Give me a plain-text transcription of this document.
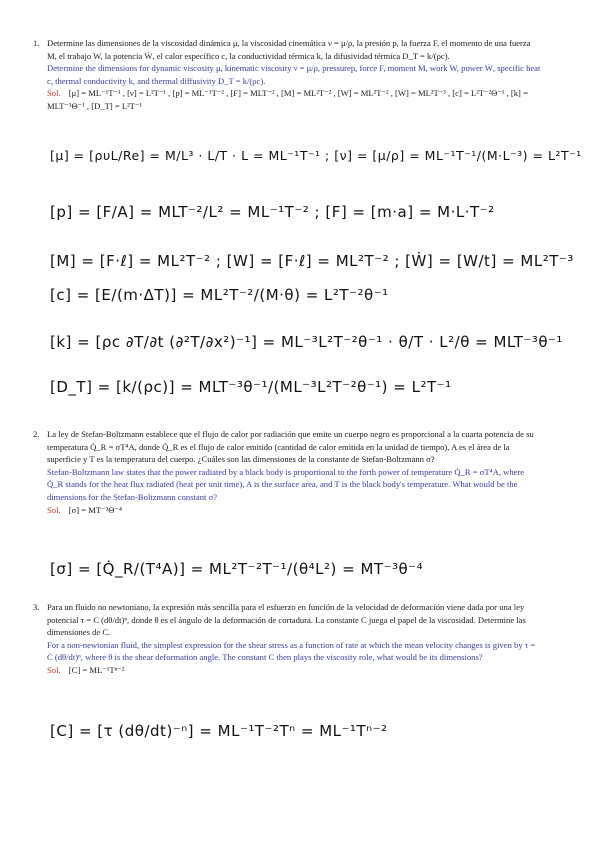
1. Determine las dimensiones de la viscosidad dinámica μ, la viscosidad cinemática ν = μ/ρ, la presión p, la fuerza F, el momento de una fuerza M, el trabajo W, la potencia Ẇ, el calor específico c, la conductividad térmica k, la difusividad térmica D_T = k/(ρc).
Determine the dimensions for dynamic viscosity μ, kinematic viscosity ν = μ/ρ, pressurep, force F, moment M, work W, power Ẇ, specific heat c, thermal conductivity k, and thermal diffusivity D_T = k/(ρc).
Sol. [μ] = ML⁻¹T⁻¹ , [ν] = L²T⁻¹ , [p] = ML⁻¹T⁻² , [F] = MLT⁻² , [M] = ML²T⁻² , [W] = ML²T⁻² , [Ẇ] = ML²T⁻³ , [c] = L²T⁻²Θ⁻¹ , [k] = MLT⁻³Θ⁻¹ , [D_T] = L²T⁻¹
[μ] = [ρυL/Re] = M/L³ · L/T · L = ML⁻¹T⁻¹ ; [ν] = [μ/ρ] = ML⁻¹T⁻¹/(M·L⁻³) = L²T⁻¹
[p] = [F/A] = MLT⁻²/L² = ML⁻¹T⁻² ; [F] = [m·a] = M·L·T⁻²
[M] = [F·ℓ] = ML²T⁻² ; [W] = [F·ℓ] = ML²T⁻² ; [Ẇ] = [W/t] = ML²T⁻³
[c] = [E/(m·ΔT)] = ML²T⁻²/(M·θ) = L²T⁻²θ⁻¹
[k] = [ρc ∂T/∂t (∂²T/∂x²)⁻¹] = ML⁻³L²T⁻²θ⁻¹ · θ/T · L²/θ = MLT⁻³θ⁻¹
[D_T] = [k/(ρc)] = MLT⁻³θ⁻¹/(ML⁻³L²T⁻²θ⁻¹) = L²T⁻¹
2. La ley de Stefan-Boltzmann establece que el flujo de calor por radiación que emite un cuerpo negro es proporcional a la cuarta potencia de su temperatura Q̇_R = σT⁴A, donde Q̇_R es el flujo de calor emitido (cantidad de calor emitida en la unidad de tiempo), A es el área de la superficie y T es la temperatura del cuerpo. ¿Cuáles son las dimensiones de la constante de Stefan-Boltzmann σ?
Stefan-Boltzmann law states that the power radiated by a black body is proportional to the forth power of temperature Q̇_R = σT⁴A, where Q̇_R stands for the heat flux radiated (heat per unit time), A is the surface area, and T is the black body's temperature. What would be the dimensions for the Stefan-Boltzmann constant σ?
Sol. [σ] = MT⁻³Θ⁻⁴
[σ] = [Q̇_R/(T⁴A)] = ML²T⁻²T⁻¹/(θ⁴L²) = MT⁻³θ⁻⁴
3. Para un fluido no newtoniano, la expresión más sencilla para el esfuerzo en función de la velocidad de deformación viene dada por una ley potencial τ = C (dθ/dt)ⁿ, donde θ es el ángulo de la deformación de cortadura. La constante C juega el papel de la viscosidad. Determine las dimensiones de C.
For a non-newtonian fluid, the simplest expression for the shear stress as a function of rate at which the mean velocity changes is given by τ = C (dθ/dt)ⁿ, where θ is the shear deformation angle. The constant C then plays the viscosity role, what would be its dimensions?
Sol. [C] = ML⁻¹Tⁿ⁻²
[C] = [τ (dθ/dt)⁻ⁿ] = ML⁻¹T⁻²Tⁿ = ML⁻¹Tⁿ⁻²
